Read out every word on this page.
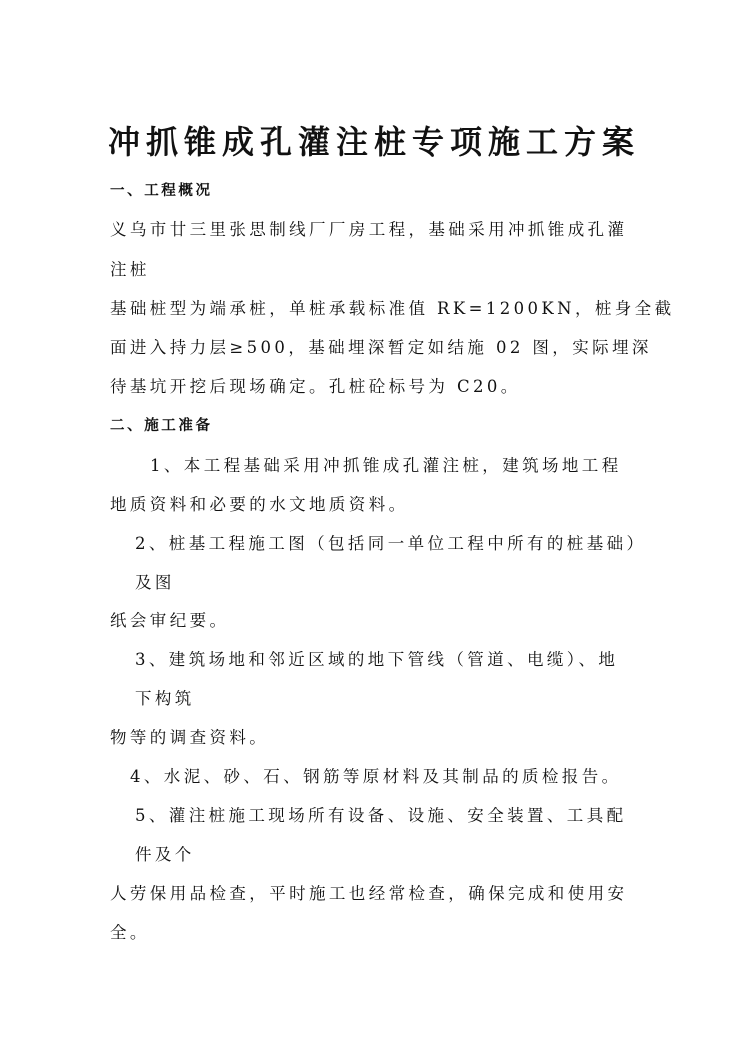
冲抓锥成孔灌注桩专项施工方案
一、工程概况
义乌市廿三里张思制线厂厂房工程，基础采用冲抓锥成孔灌
注桩
基础桩型为端承桩，单桩承载标准值 RK=1200KN，桩身全截
面进入持力层≥500，基础埋深暂定如结施 02 图，实际埋深
待基坑开挖后现场确定。孔桩砼标号为 C20。
二、施工准备
1、本工程基础采用冲抓锥成孔灌注桩，建筑场地工程
地质资料和必要的水文地质资料。
2、桩基工程施工图（包括同一单位工程中所有的桩基础）
及图
纸会审纪要。
3、建筑场地和邻近区域的地下管线（管道、电缆）、地
下构筑
物等的调查资料。
4、水泥、砂、石、钢筋等原材料及其制品的质检报告。
5、灌注桩施工现场所有设备、设施、安全装置、工具配
件及个
人劳保用品检查，平时施工也经常检查，确保完成和使用安
全。
